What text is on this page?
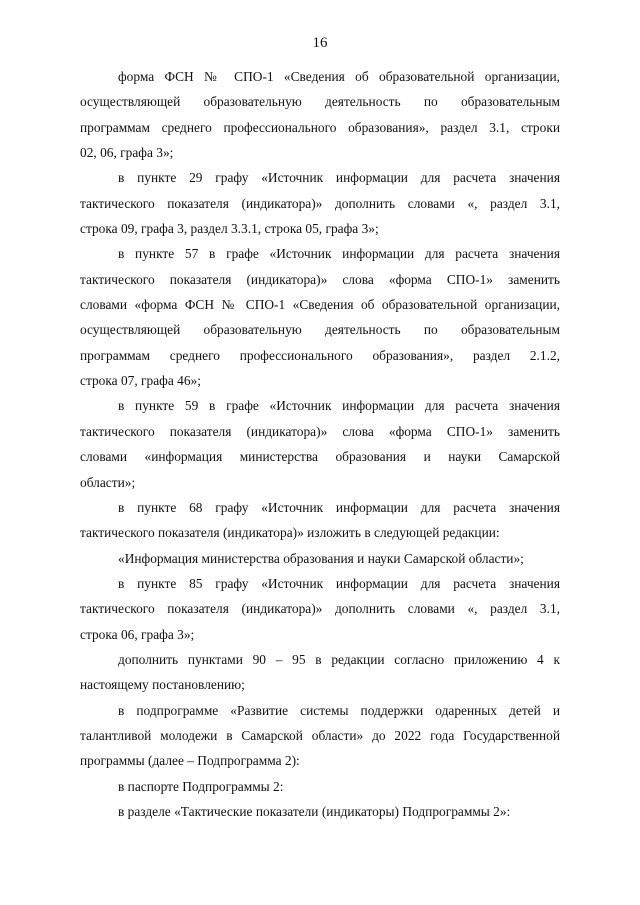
16

форма ФСН № СПО-1 «Сведения об образовательной организации,
осуществляющей образовательную деятельность по образовательным
программам среднего профессионального образования», раздел 3.1, строки
02, 06, графа 3»;

в пункте 29 графу «Источник информации для расчета значения
тактического показателя (индикатора)» дополнить словами «, раздел 3.1,
строка 09, графа 3, раздел 3.3.1, строка 05, графа 3»;

в пункте 57 в графе «Источник информации для расчета значения
тактического показателя (индикатора)» слова «форма СПО-1» заменить
словами «форма ФСН № СПО-1 «Сведения об образовательной организации,
осуществляющей образовательную деятельность по образовательным
программам среднего профессионального образования», раздел 2.1.2,
строка 07, графа 46»;

в пункте 59 в графе «Источник информации для расчета значения
тактического показателя (индикатора)» слова «форма СПО-1» заменить
словами «информация министерства образования и науки Самарской
области»;

в пункте 68 графу «Источник информации для расчета значения
тактического показателя (индикатора)» изложить в следующей редакции:

«Информация министерства образования и науки Самарской области»;

в пункте 85 графу «Источник информации для расчета значения
тактического показателя (индикатора)» дополнить словами «, раздел 3.1,
строка 06, графа 3»;

дополнить пунктами 90 – 95 в редакции согласно приложению 4 к
настоящему постановлению;

в подпрограмме «Развитие системы поддержки одаренных детей и
талантливой молодежи в Самарской области» до 2022 года Государственной
программы (далее – Подпрограмма 2):

в паспорте Подпрограммы 2:

в разделе «Тактические показатели (индикаторы) Подпрограммы 2»:
